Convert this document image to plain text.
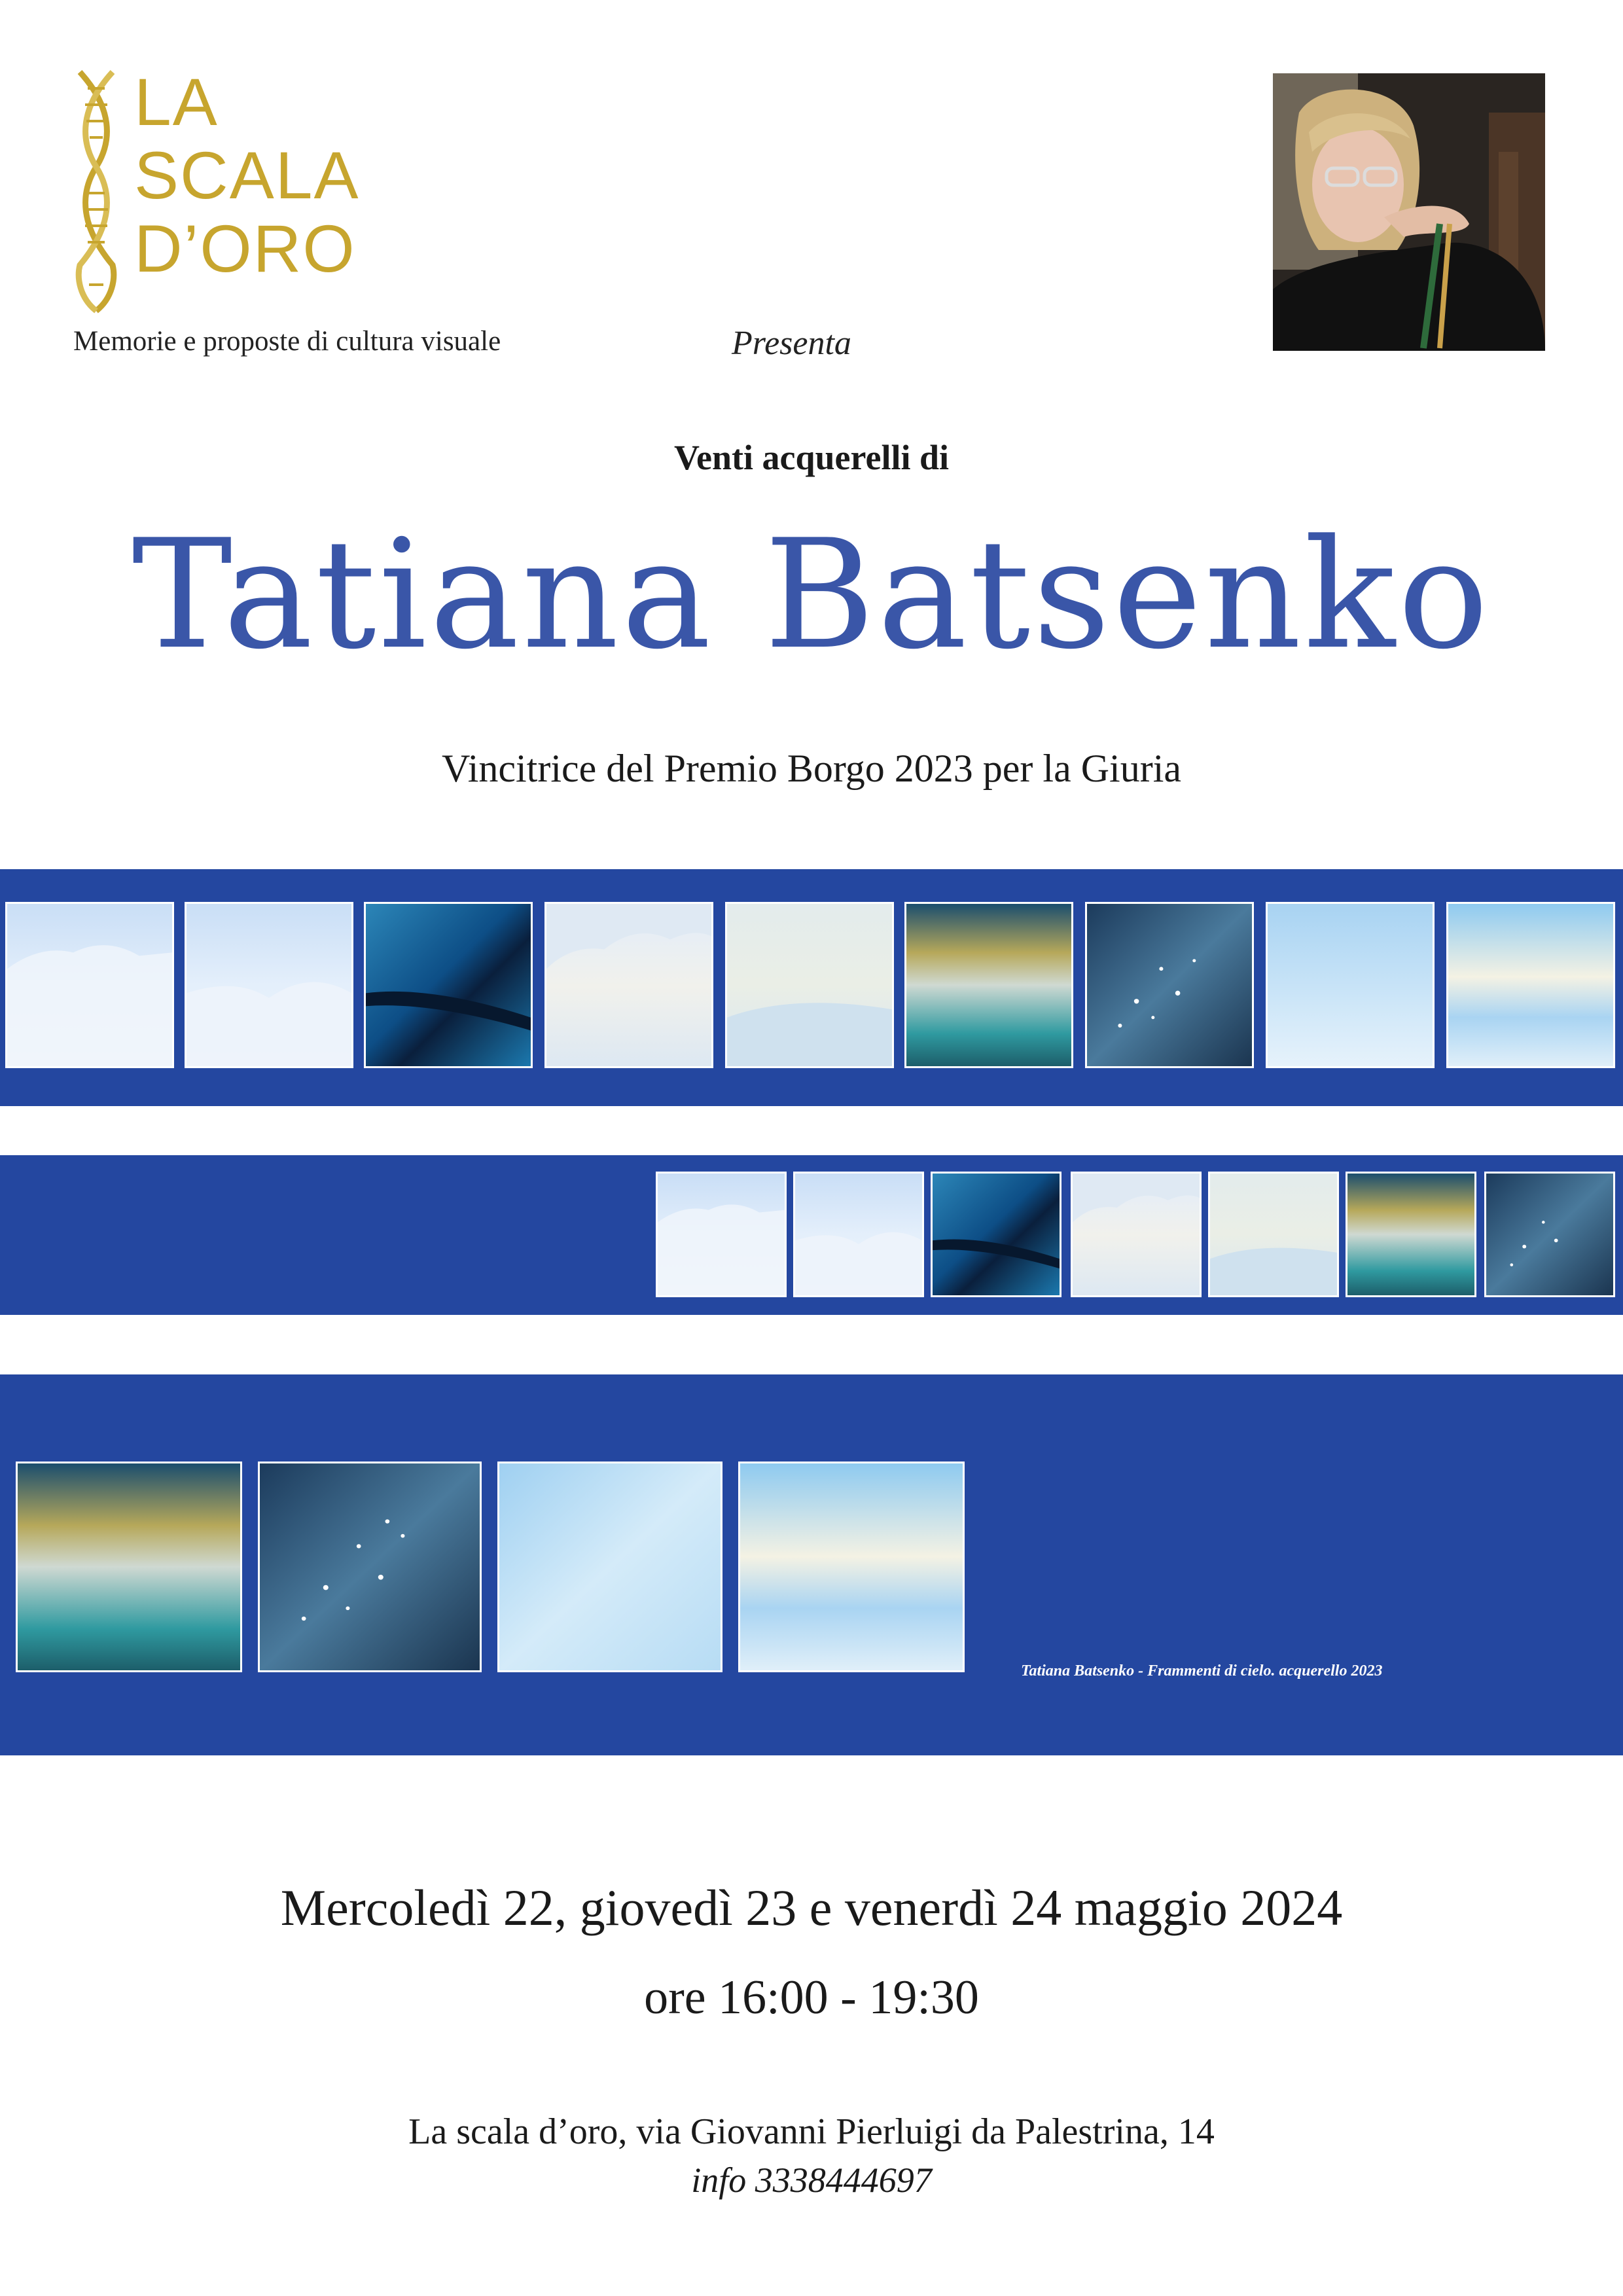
LA
SCALA
D’ORO
Memorie e proposte di cultura visuale	Presenta
Venti acquerelli di
Tatiana Batsenko
Vincitrice del Premio Borgo 2023 per la Giuria
Tatiana Batsenko - Frammenti di cielo. acquerello 2023
Mercoledì 22, giovedì 23 e venerdì 24 maggio 2024
ore 16:00 - 19:30
La scala d’oro, via Giovanni Pierluigi da Palestrina, 14
info 3338444697
